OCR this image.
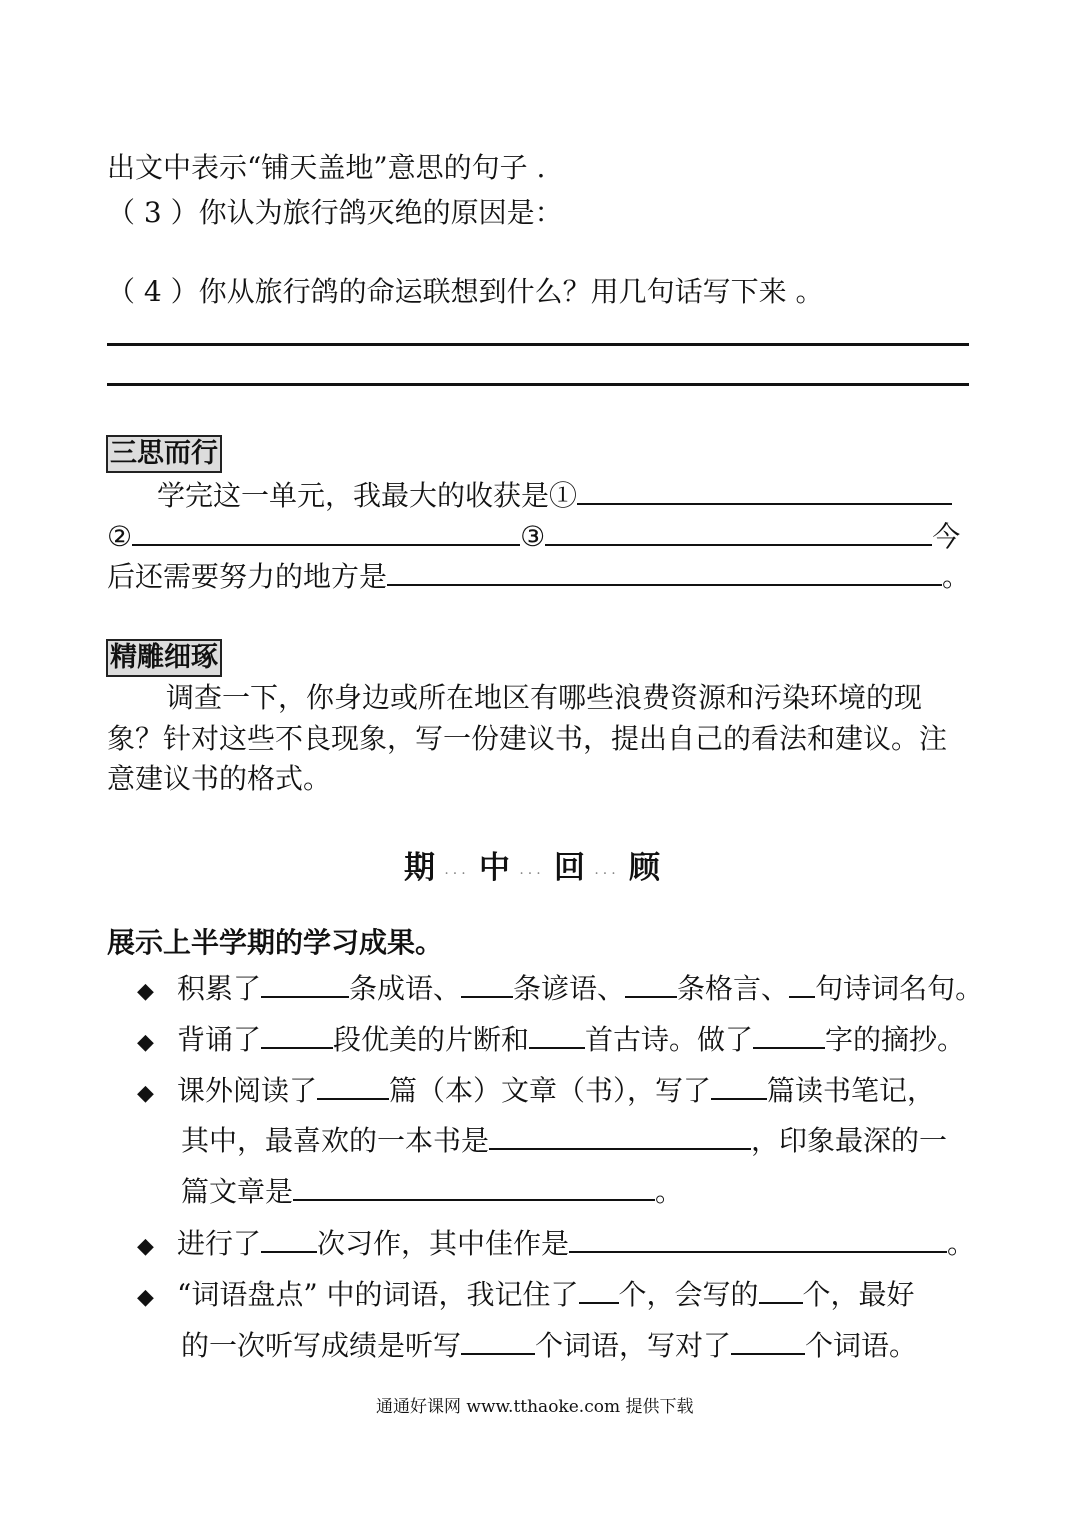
出文中表示“铺天盖地”意思的句子 .
（ 3 ）你认为旅行鸽灭绝的原因是：
（ 4 ）你从旅行鸽的命运联想到什么？用几句话写下来 。
三思而行
学完这一单元，我最大的收获是①
②	③	今
后还需要努力的地方是	。
精雕细琢
调查一下，你身边或所在地区有哪些浪费资源和污染环境的现
象？针对这些不良现象，写一份建议书，提出自己的看法和建议。注
意建议书的格式。
期 ··· 中 ··· 回 ··· 顾
展示上半学期的学习成果。
◆ 积累了	条成语、 条谚语、 条格言、 句诗词名句。
◆ 背诵了	段优美的片断和 首古诗。做了	字的摘抄。
◆ 课外阅读了	篇（本）文章（书），写了 篇读书笔记，
其中，最喜欢的一本书是	，印象最深的一
篇文章是	。
◆ 进行了 次习作，其中佳作是	。
◆ “词语盘点” 中的词语，我记住了 个，会写的 个，最好
的一次听写成绩是听写	个词语，写对了	个词语。
通通好课网 www.tthaoke.com 提供下载
